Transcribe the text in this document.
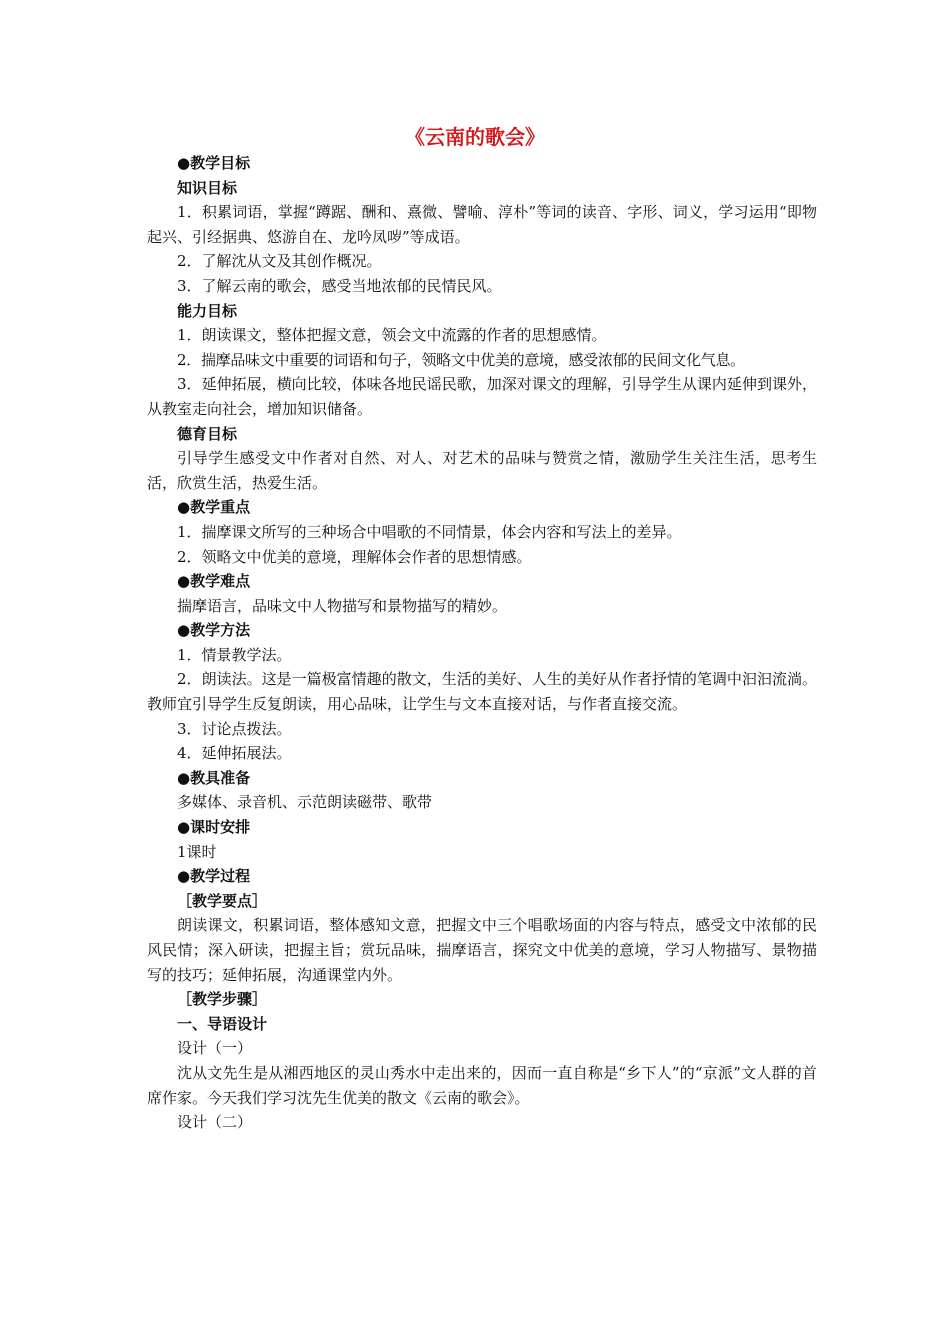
《云南的歌会》

●教学目标

知识目标

1．积累词语，掌握“蹲踞、酬和、熹微、譬喻、淳朴”等词的读音、字形、词义，学习运用“即物起兴、引经据典、悠游自在、龙吟凤哕”等成语。

2．了解沈从文及其创作概况。

3．了解云南的歌会，感受当地浓郁的民情民风。

能力目标

1．朗读课文，整体把握文意，领会文中流露的作者的思想感情。

2．揣摩品味文中重要的词语和句子，领略文中优美的意境，感受浓郁的民间文化气息。

3．延伸拓展，横向比较，体味各地民谣民歌，加深对课文的理解，引导学生从课内延伸到课外，从教室走向社会，增加知识储备。

德育目标

引导学生感受文中作者对自然、对人、对艺术的品味与赞赏之情，激励学生关注生活，思考生活，欣赏生活，热爱生活。

●教学重点

1．揣摩课文所写的三种场合中唱歌的不同情景，体会内容和写法上的差异。

2．领略文中优美的意境，理解体会作者的思想情感。

●教学难点

揣摩语言，品味文中人物描写和景物描写的精妙。

●教学方法

1．情景教学法。

2．朗读法。这是一篇极富情趣的散文，生活的美好、人生的美好从作者抒情的笔调中汩汩流淌。教师宜引导学生反复朗读，用心品味，让学生与文本直接对话，与作者直接交流。

3．讨论点拨法。

4．延伸拓展法。

●教具准备

多媒体、录音机、示范朗读磁带、歌带

●课时安排

1课时

●教学过程

［教学要点］

朗读课文，积累词语，整体感知文意，把握文中三个唱歌场面的内容与特点，感受文中浓郁的民风民情；深入研读，把握主旨；赏玩品味，揣摩语言，探究文中优美的意境，学习人物描写、景物描写的技巧；延伸拓展，沟通课堂内外。

［教学步骤］

一、导语设计

设计（一）

沈从文先生是从湘西地区的灵山秀水中走出来的，因而一直自称是“乡下人”的“京派”文人群的首席作家。今天我们学习沈先生优美的散文《云南的歌会》。

设计（二）
